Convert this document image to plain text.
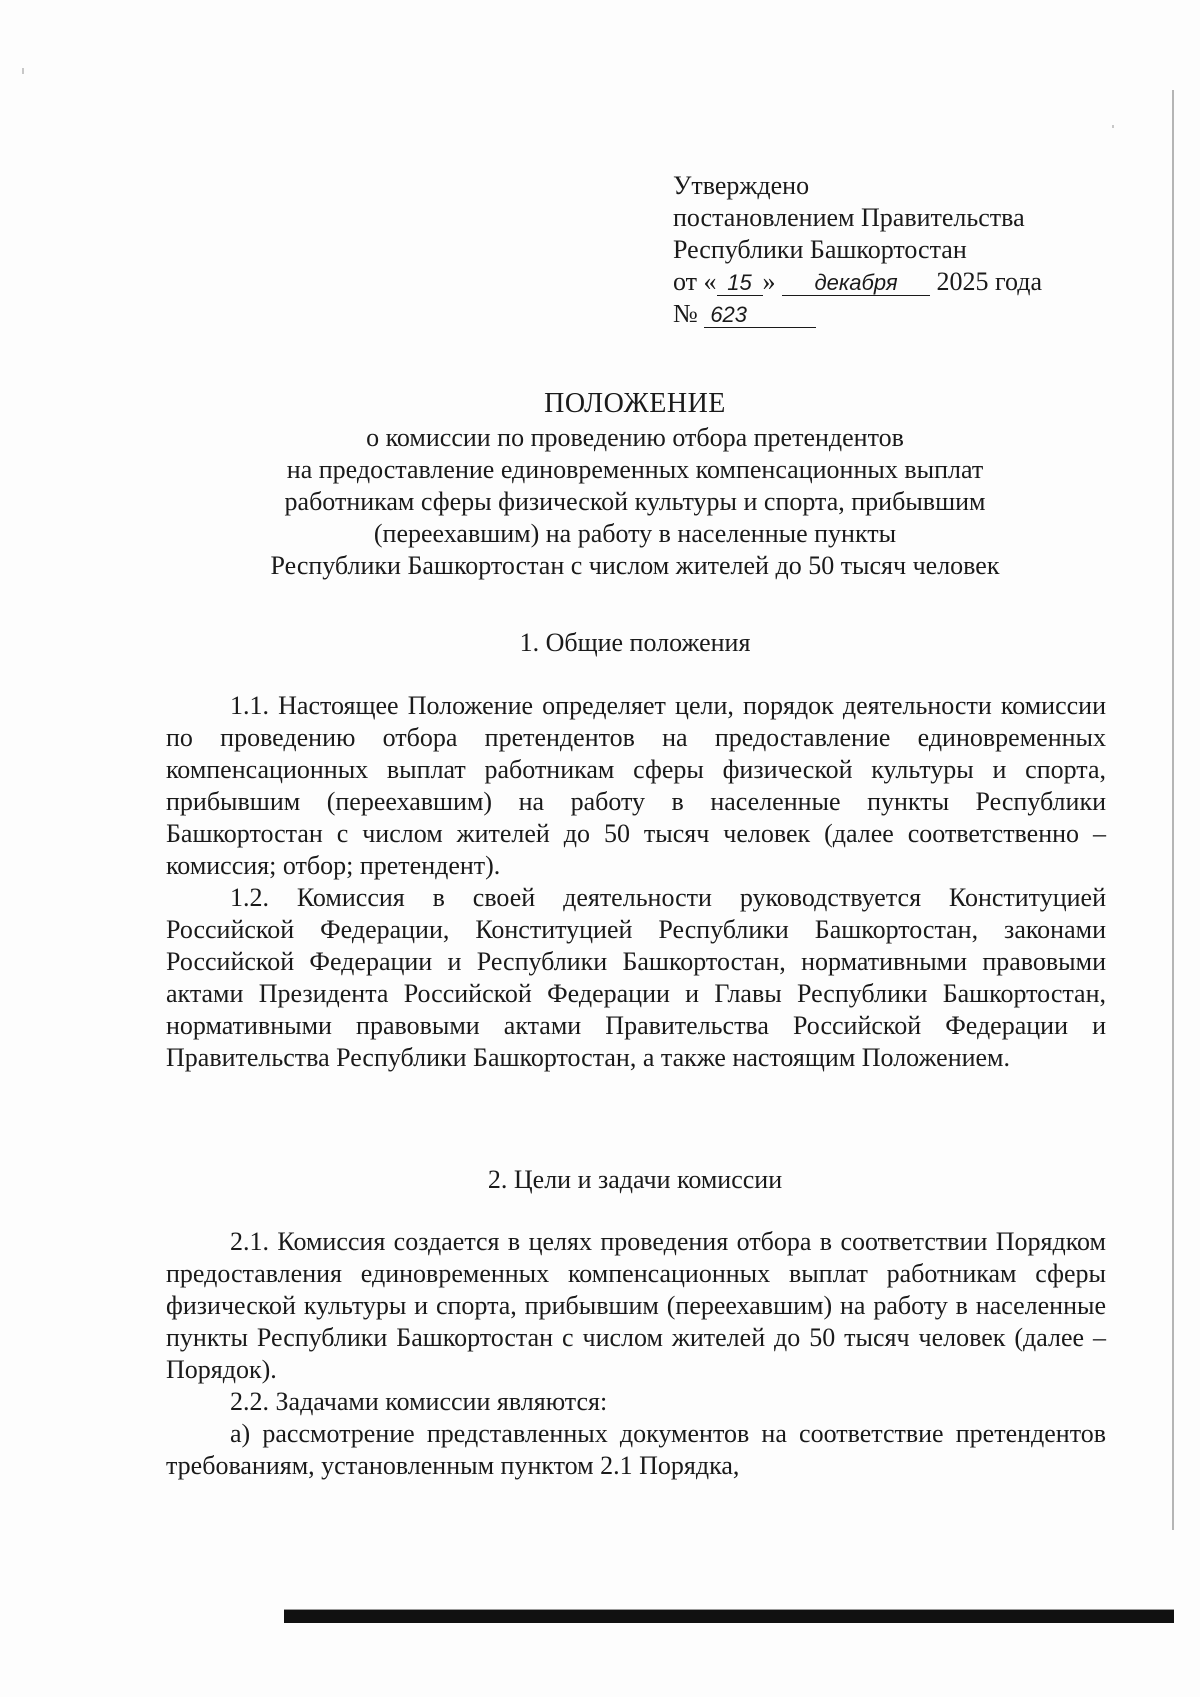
Утверждено
постановлением Правительства
Республики Башкортостан
от « 15 » декабря 2025 года
№ 623
ПОЛОЖЕНИЕ
о комиссии по проведению отбора претендентов
на предоставление единовременных компенсационных выплат
работникам сферы физической культуры и спорта, прибывшим
(переехавшим) на работу в населенные пункты
Республики Башкортостан с числом жителей до 50 тысяч человек
1. Общие положения

1.1. Настоящее Положение определяет цели, порядок деятельности комиссии по проведению отбора претендентов на предоставление единовременных компенсационных выплат работникам сферы физической культуры и спорта, прибывшим (переехавшим) на работу в населенные пункты Республики Башкортостан с числом жителей до 50 тысяч человек (далее соответственно – комиссия; отбор; претендент).

1.2. Комиссия в своей деятельности руководствуется Конституцией Российской Федерации, Конституцией Республики Башкортостан, законами Российской Федерации и Республики Башкортостан, нормативными правовыми актами Президента Российской Федерации и Главы Республики Башкортостан, нормативными правовыми актами Правительства Российской Федерации и Правительства Республики Башкортостан, а также настоящим Положением.

2. Цели и задачи комиссии

2.1. Комиссия создается в целях проведения отбора в соответствии Порядком предоставления единовременных компенсационных выплат работникам сферы физической культуры и спорта, прибывшим (переехавшим) на работу в населенные пункты Республики Башкортостан с числом жителей до 50 тысяч человек (далее – Порядок).

2.2. Задачами комиссии являются:

а) рассмотрение представленных документов на соответствие претендентов требованиям, установленным пунктом 2.1 Порядка,
